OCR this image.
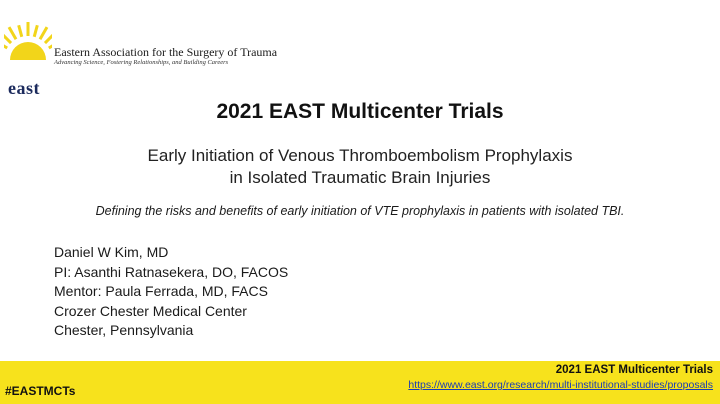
east
Eastern Association for the Surgery of Trauma
Advancing Science, Fostering Relationships, and Building Careers
2021 EAST Multicenter Trials
Early Initiation of Venous Thromboembolism Prophylaxis
in Isolated Traumatic Brain Injuries
Defining the risks and benefits of early initiation of VTE prophylaxis in patients with isolated TBI.
Daniel W Kim, MD
PI: Asanthi Ratnasekera, DO, FACOS
Mentor: Paula Ferrada, MD, FACS
Crozer Chester Medical Center
Chester, Pennsylvania
#EASTMCTs
2021 EAST Multicenter Trials
https://www.east.org/research/multi-institutional-studies/proposals
